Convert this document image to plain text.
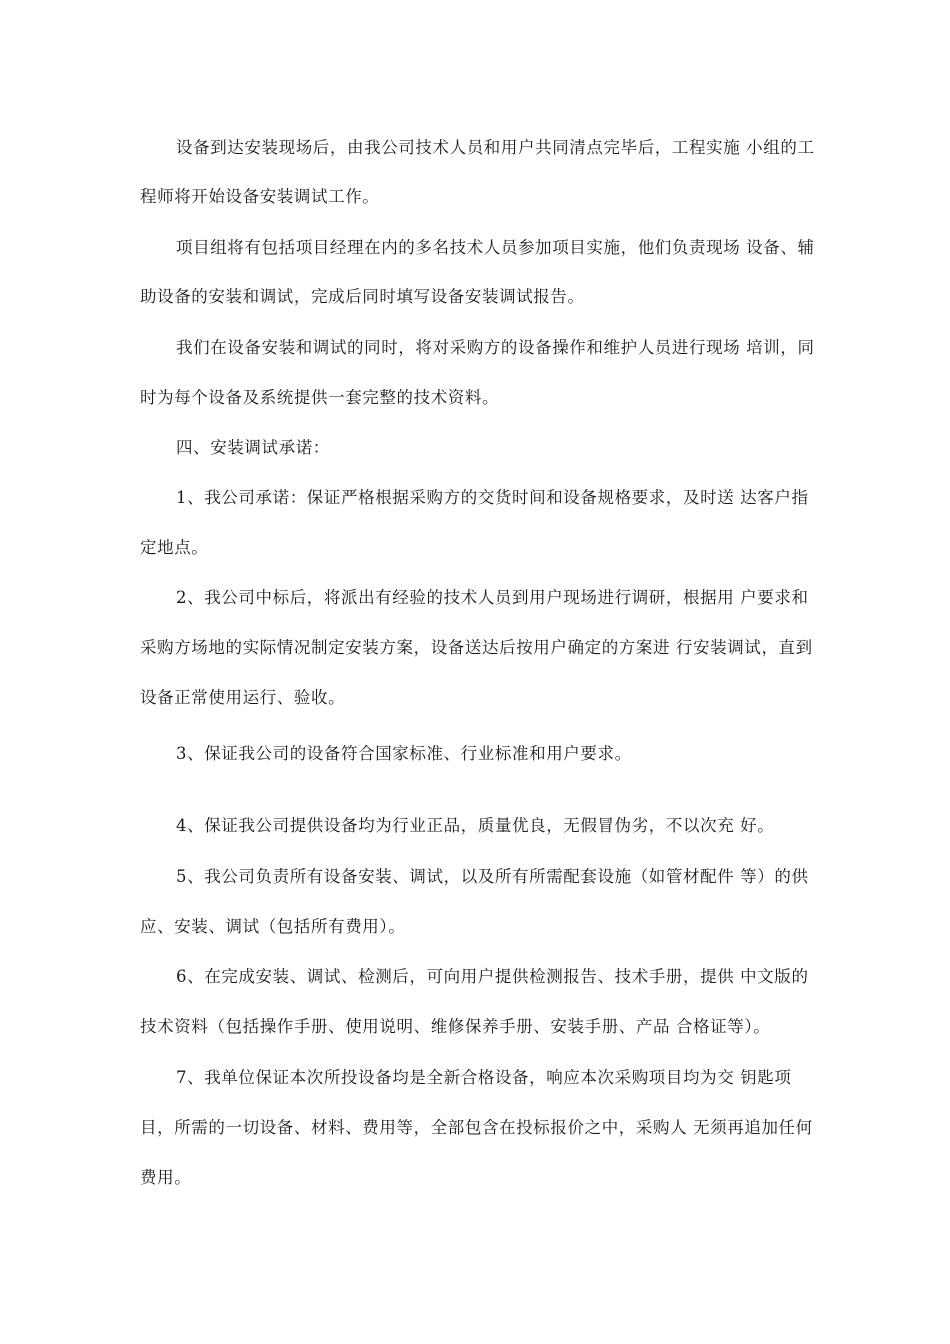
设备到达安装现场后，由我公司技术人员和用户共同清点完毕后，工程实施 小组的工
程师将开始设备安装调试工作。
项目组将有包括项目经理在内的多名技术人员参加项目实施，他们负责现场 设备、辅
助设备的安装和调试，完成后同时填写设备安装调试报告。
我们在设备安装和调试的同时，将对采购方的设备操作和维护人员进行现场 培训，同
时为每个设备及系统提供一套完整的技术资料。
四、安装调试承诺：
1、我公司承诺：保证严格根据采购方的交货时间和设备规格要求，及时送 达客户指
定地点。
2、我公司中标后，将派出有经验的技术人员到用户现场进行调研，根据用 户要求和
采购方场地的实际情况制定安装方案，设备送达后按用户确定的方案进 行安装调试，直到
设备正常使用运行、验收。
3、保证我公司的设备符合国家标准、行业标准和用户要求。
4、保证我公司提供设备均为行业正品，质量优良，无假冒伪劣，不以次充 好。
5、我公司负责所有设备安装、调试，以及所有所需配套设施（如管材配件 等）的供
应、安装、调试（包括所有费用）。
6、在完成安装、调试、检测后，可向用户提供检测报告、技术手册，提供 中文版的
技术资料（包括操作手册、使用说明、维修保养手册、安装手册、产品 合格证等）。
7、我单位保证本次所投设备均是全新合格设备，响应本次采购项目均为交 钥匙项
目，所需的一切设备、材料、费用等，全部包含在投标报价之中，采购人 无须再追加任何
费用。
